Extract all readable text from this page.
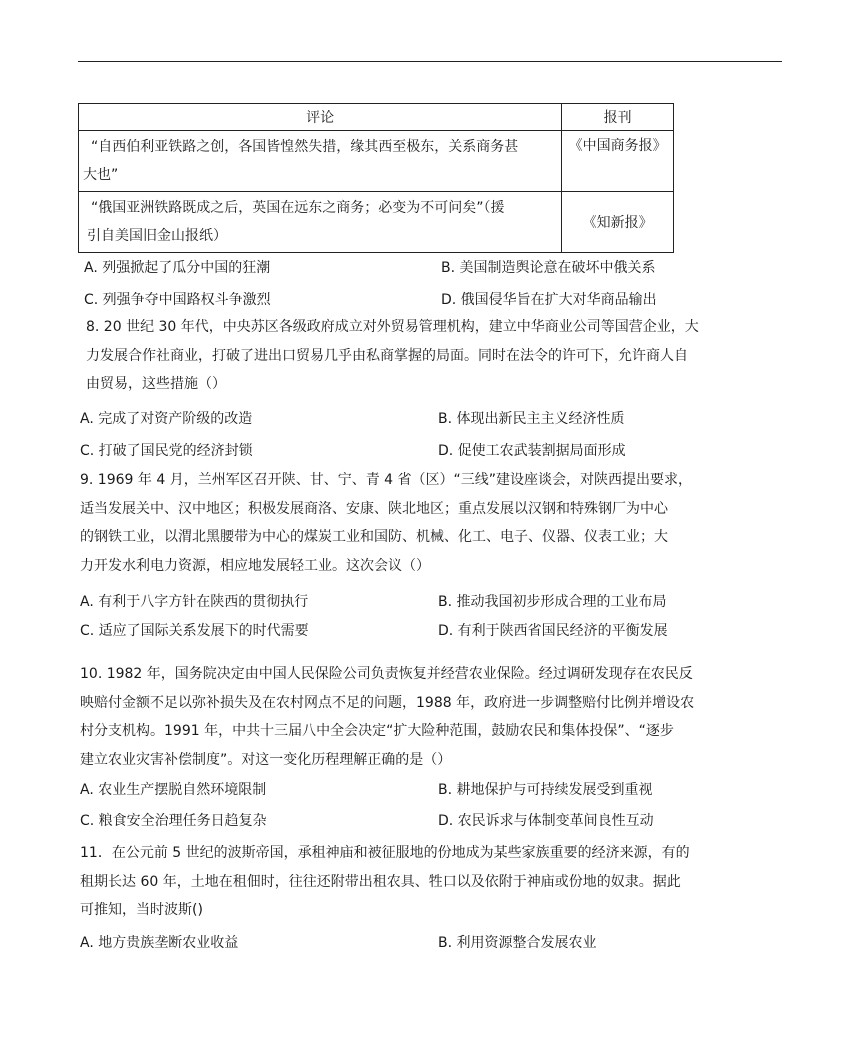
评论	报刊

“自西伯利亚铁路之创，各国皆惶然失措，缘其西至极东，关系商务甚
大也”	《中国商务报》

“俄国亚洲铁路既成之后，英国在远东之商务；必变为不可问矣”（援
引自美国旧金山报纸）	《知新报》
A. 列强掀起了瓜分中国的狂潮	B. 美国制造舆论意在破坏中俄关系
C. 列强争夺中国路权斗争激烈	D. 俄国侵华旨在扩大对华商品输出
8. 20 世纪 30 年代，中央苏区各级政府成立对外贸易管理机构，建立中华商业公司等国营企业，大
力发展合作社商业，打破了进出口贸易几乎由私商掌握的局面。同时在法令的许可下，允许商人自
由贸易，这些措施（）
A. 完成了对资产阶级的改造	B. 体现出新民主主义经济性质
C. 打破了国民党的经济封锁	D. 促使工农武装割据局面形成
9. 1969 年 4 月，兰州军区召开陕、甘、宁、青 4 省（区）“三线”建设座谈会，对陕西提出要求，
适当发展关中、汉中地区；积极发展商洛、安康、陕北地区；重点发展以汉钢和特殊钢厂为中心
的钢铁工业，以渭北黑腰带为中心的煤炭工业和国防、机械、化工、电子、仪器、仪表工业；大
力开发水利电力资源，相应地发展轻工业。这次会议（）
A. 有利于八字方针在陕西的贯彻执行	B. 推动我国初步形成合理的工业布局
C. 适应了国际关系发展下的时代需要	D. 有利于陕西省国民经济的平衡发展
10. 1982 年，国务院决定由中国人民保险公司负责恢复并经营农业保险。经过调研发现存在农民反
映赔付金额不足以弥补损失及在农村网点不足的问题，1988 年，政府进一步调整赔付比例并增设农
村分支机构。1991 年，中共十三届八中全会决定“扩大险种范围，鼓励农民和集体投保”、“逐步
建立农业灾害补偿制度”。对这一变化历程理解正确的是（）
A. 农业生产摆脱自然环境限制	B. 耕地保护与可持续发展受到重视
C. 粮食安全治理任务日趋复杂	D. 农民诉求与体制变革间良性互动
11．在公元前 5 世纪的波斯帝国，承租神庙和被征服地的份地成为某些家族重要的经济来源，有的
租期长达 60 年，土地在租佃时，往往还附带出租农具、牲口以及依附于神庙或份地的奴隶。据此
可推知，当时波斯()
A. 地方贵族垄断农业收益	B. 利用资源整合发展农业
